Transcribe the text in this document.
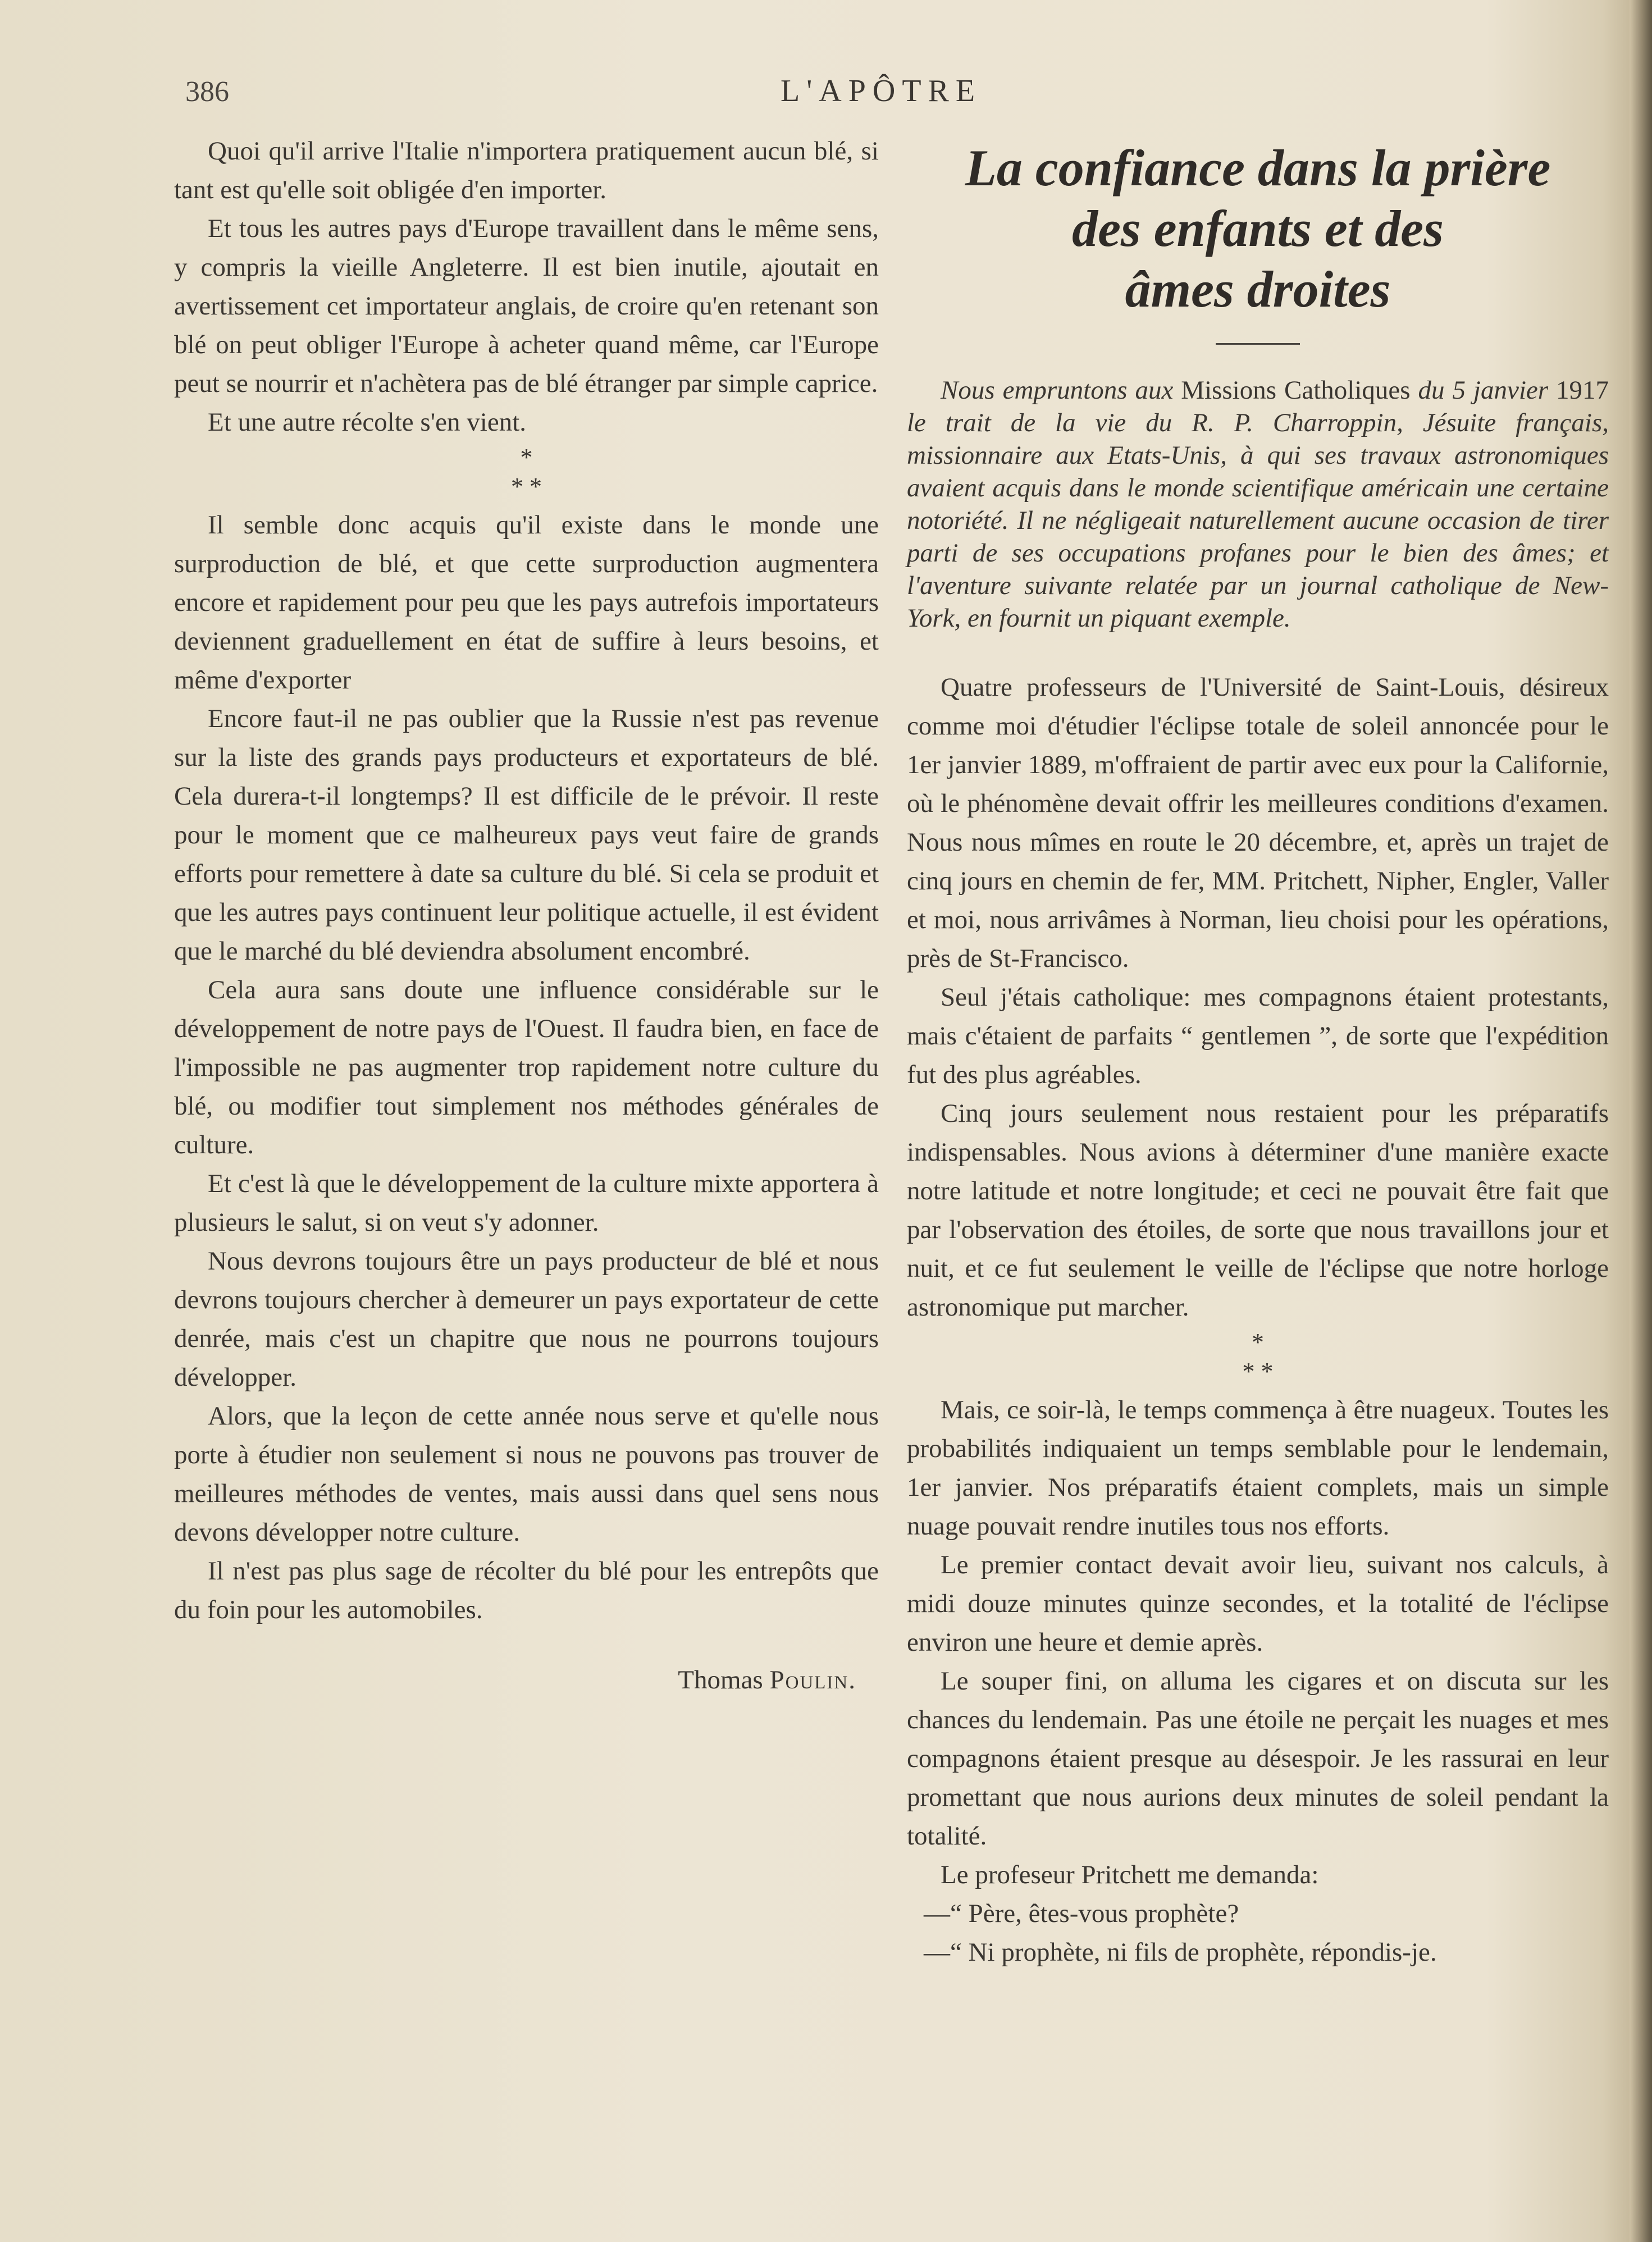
386	L'APÔTRE

Quoi qu'il arrive l'Italie n'importera pratiquement aucun blé, si tant est qu'elle soit obligée d'en importer.

Et tous les autres pays d'Europe travaillent dans le même sens, y compris la vieille Angleterre. Il est bien inutile, ajoutait en avertissement cet importateur anglais, de croire qu'en retenant son blé on peut obliger l'Europe à acheter quand même, car l'Europe peut se nourrir et n'achètera pas de blé étranger par simple caprice.

Et une autre récolte s'en vient.

*
* *

Il semble donc acquis qu'il existe dans le monde une surproduction de blé, et que cette surproduction augmentera encore et rapidement pour peu que les pays autrefois importateurs deviennent graduellement en état de suffire à leurs besoins, et même d'exporter

Encore faut-il ne pas oublier que la Russie n'est pas revenue sur la liste des grands pays producteurs et exportateurs de blé. Cela durera-t-il longtemps? Il est difficile de le prévoir. Il reste pour le moment que ce malheureux pays veut faire de grands efforts pour remettere à date sa culture du blé. Si cela se produit et que les autres pays continuent leur politique actuelle, il est évident que le marché du blé deviendra absolument encombré.

Cela aura sans doute une influence considérable sur le développement de notre pays de l'Ouest. Il faudra bien, en face de l'impossible ne pas augmenter trop rapidement notre culture du blé, ou modifier tout simplement nos méthodes générales de culture.

Et c'est là que le développement de la culture mixte apportera à plusieurs le salut, si on veut s'y adonner.

Nous devrons toujours être un pays producteur de blé et nous devrons toujours chercher à demeurer un pays exportateur de cette denrée, mais c'est un chapitre que nous ne pourrons toujours développer.

Alors, que la leçon de cette année nous serve et qu'elle nous porte à étudier non seulement si nous ne pouvons pas trouver de meilleures méthodes de ventes, mais aussi dans quel sens nous devons développer notre culture.

Il n'est pas plus sage de récolter du blé pour les entrepôts que du foin pour les automobiles.

Thomas Poulin.

La confiance dans la prière
des enfants et des
âmes droites

Nous empruntons aux Missions Catholiques du 5 janvier 1917 le trait de la vie du R. P. Charroppin, Jésuite français, missionnaire aux Etats-Unis, à qui ses travaux astronomiques avaient acquis dans le monde scientifique américain une certaine notoriété. Il ne négligeait naturellement aucune occasion de tirer parti de ses occupations profanes pour le bien des âmes; et l'aventure suivante relatée par un journal catholique de New-York, en fournit un piquant exemple.

Quatre professeurs de l'Université de Saint-Louis, désireux comme moi d'étudier l'éclipse totale de soleil annoncée pour le 1er janvier 1889, m'offraient de partir avec eux pour la Californie, où le phénomène devait offrir les meilleures conditions d'examen. Nous nous mîmes en route le 20 décembre, et, après un trajet de cinq jours en chemin de fer, MM. Pritchett, Nipher, Engler, Valler et moi, nous arrivâmes à Norman, lieu choisi pour les opérations, près de St-Francisco.

Seul j'étais catholique: mes compagnons étaient protestants, mais c'étaient de parfaits “ gentlemen ”, de sorte que l'expédition fut des plus agréables.

Cinq jours seulement nous restaient pour les préparatifs indispensables. Nous avions à déterminer d'une manière exacte notre latitude et notre longitude; et ceci ne pouvait être fait que par l'observation des étoiles, de sorte que nous travaillons jour et nuit, et ce fut seulement le veille de l'éclipse que notre horloge astronomique put marcher.

*
* *

Mais, ce soir-là, le temps commença à être nuageux. Toutes les probabilités indiquaient un temps semblable pour le lendemain, 1er janvier. Nos préparatifs étaient complets, mais un simple nuage pouvait rendre inutiles tous nos efforts.

Le premier contact devait avoir lieu, suivant nos calculs, à midi douze minutes quinze secondes, et la totalité de l'éclipse environ une heure et demie après.

Le souper fini, on alluma les cigares et on discuta sur les chances du lendemain. Pas une étoile ne perçait les nuages et mes compagnons étaient presque au désespoir. Je les rassurai en leur promettant que nous aurions deux minutes de soleil pendant la totalité.

Le profeseur Pritchett me demanda:

—“ Père, êtes-vous prophète?

—“ Ni prophète, ni fils de prophète, répondis-je.
